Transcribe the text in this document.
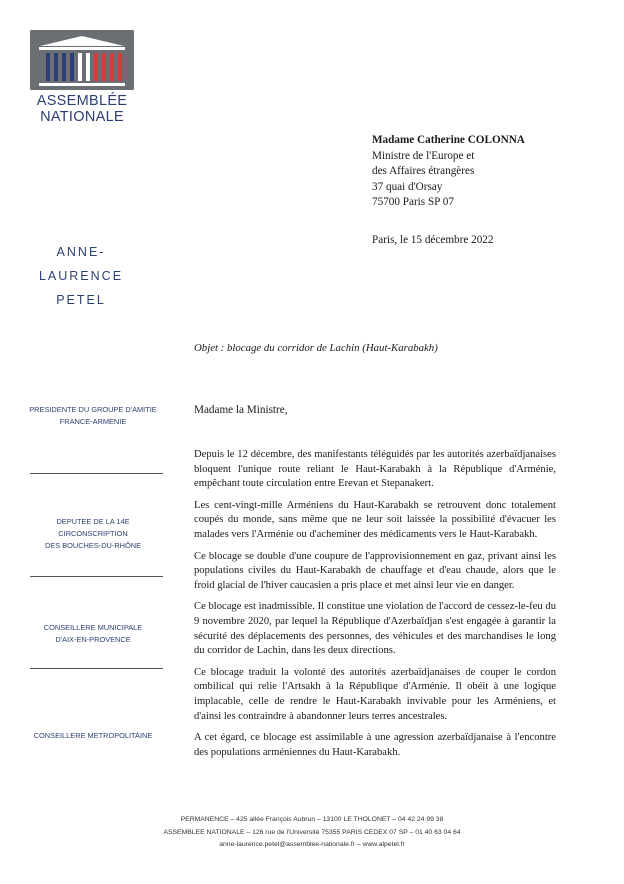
ASSEMBLÉE
NATIONALE
ANNE-LAURENCE
PETEL
Madame Catherine COLONNA
Ministre de l'Europe et
des Affaires étrangères
37 quai d'Orsay
75700 Paris SP 07
Paris, le 15 décembre 2022
Objet : blocage du corridor de Lachin (Haut-Karabakh)
PRESIDENTE DU GROUPE D'AMITIE
FRANCE-ARMENIE
DEPUTEE DE LA 14E CIRCONSCRIPTION
DES BOUCHES-DU-RHÔNE
CONSEILLERE MUNICIPALE
D'AIX-EN-PROVENCE
CONSEILLERE METROPOLITAINE
Madame la Ministre,

Depuis le 12 décembre, des manifestants téléguidés par les autorités azerbaïdjanaises bloquent l'unique route reliant le Haut-Karabakh à la République d'Arménie, empêchant toute circulation entre Erevan et Stepanakert.

Les cent-vingt-mille Arméniens du Haut-Karabakh se retrouvent donc totalement coupés du monde, sans même que ne leur soit laissée la possibilité d'évacuer les malades vers l'Arménie ou d'acheminer des médicaments vers le Haut-Karabakh.

Ce blocage se double d'une coupure de l'approvisionnement en gaz, privant ainsi les populations civiles du Haut-Karabakh de chauffage et d'eau chaude, alors que le froid glacial de l'hiver caucasien a pris place et met ainsi leur vie en danger.

Ce blocage est inadmissible. Il constitue une violation de l'accord de cessez-le-feu du 9 novembre 2020, par lequel la République d'Azerbaïdjan s'est engagée à garantir la sécurité des déplacements des personnes, des véhicules et des marchandises le long du corridor de Lachin, dans les deux directions.

Ce blocage traduit la volonté des autorités azerbaïdjanaises de couper le cordon ombilical qui relie l'Artsakh à la République d'Arménie. Il obéit à une logique implacable, celle de rendre le Haut-Karabakh invivable pour les Arméniens, et d'ainsi les contraindre à abandonner leurs terres ancestrales.

A cet égard, ce blocage est assimilable à une agression azerbaïdjanaise à l'encontre des populations arméniennes du Haut-Karabakh.

PERMANENCE – 425 allée François Aubrun – 13100 LE THOLONET – 04 42 24 99 38
ASSEMBLEE NATIONALE – 126 rue de l'Université 75355 PARIS CEDEX 07 SP – 01 40 63 04 64
anne-laurence.petel@assemblee-nationale.fr – www.alpetel.fr
